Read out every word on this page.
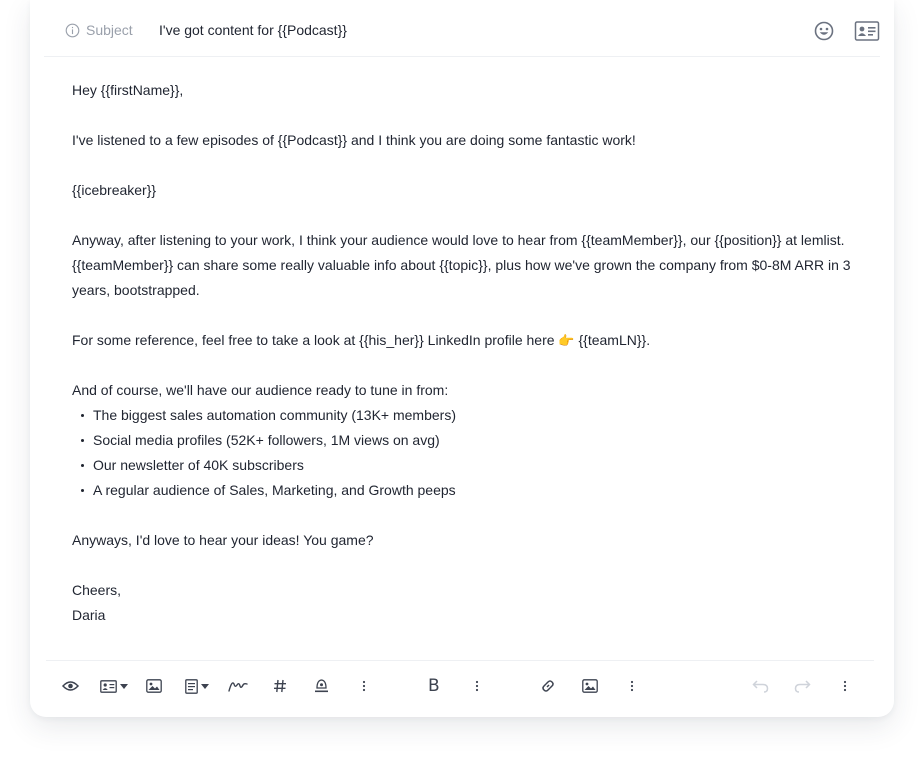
Subject I've got content for {{Podcast}}

Hey {{firstName}},

I've listened to a few episodes of {{Podcast}} and I think you are doing some fantastic work!

{{icebreaker}}

Anyway, after listening to your work, I think your audience would love to hear from {{teamMember}}, our {{position}} at lemlist. {{teamMember}} can share some really valuable info about {{topic}}, plus how we've grown the company from $0-8M ARR in 3 years, bootstrapped.

For some reference, feel free to take a look at {{his_her}} LinkedIn profile here 👉 {{teamLN}}.

And of course, we'll have our audience ready to tune in from:

The biggest sales automation community (13K+ members)
Social media profiles (52K+ followers, 1M views on avg)
Our newsletter of 40K subscribers
A regular audience of Sales, Marketing, and Growth peeps

Anyways, I'd love to hear your ideas! You game?

Cheers,

Daria

B
